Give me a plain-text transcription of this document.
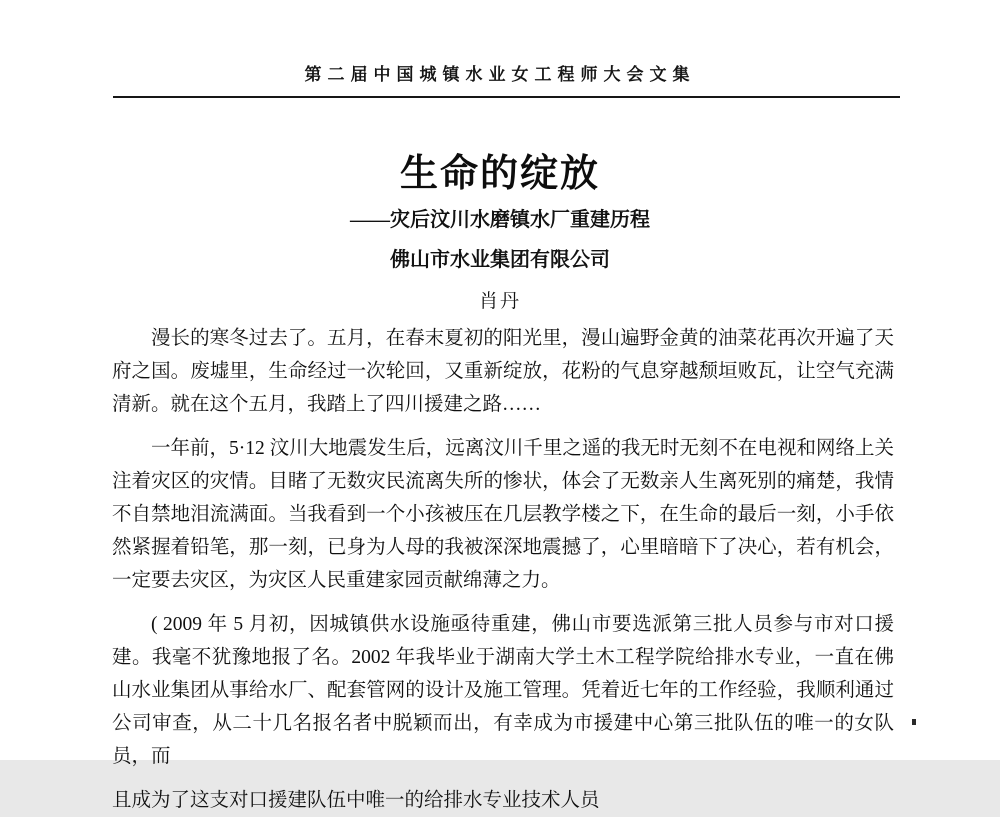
第二届中国城镇水业女工程师大会文集
生命的绽放
——灾后汶川水磨镇水厂重建历程
佛山市水业集团有限公司
肖丹

漫长的寒冬过去了。五月，在春末夏初的阳光里，漫山遍野金黄的油菜花再次开遍了天府之国。废墟里，生命经过一次轮回，又重新绽放，花粉的气息穿越颓垣败瓦，让空气充满清新。就在这个五月，我踏上了四川援建之路……

一年前，5·12 汶川大地震发生后，远离汶川千里之遥的我无时无刻不在电视和网络上关注着灾区的灾情。目睹了无数灾民流离失所的惨状，体会了无数亲人生离死别的痛楚，我情不自禁地泪流满面。当我看到一个小孩被压在几层教学楼之下，在生命的最后一刻，小手依然紧握着铅笔，那一刻，已身为人母的我被深深地震撼了，心里暗暗下了决心，若有机会，一定要去灾区，为灾区人民重建家园贡献绵薄之力。

( 2009 年 5 月初，因城镇供水设施亟待重建，佛山市要选派第三批人员参与市对口援建。我毫不犹豫地报了名。2002 年我毕业于湖南大学土木工程学院给排水专业，一直在佛山水业集团从事给水厂、配套管网的设计及施工管理。凭着近七年的工作经验，我顺利通过公司审查，从二十几名报名者中脱颖而出，有幸成为市援建中心第三批队伍的唯一的女队员，而

且成为了这支对口援建队伍中唯一的给排水专业技术人员
